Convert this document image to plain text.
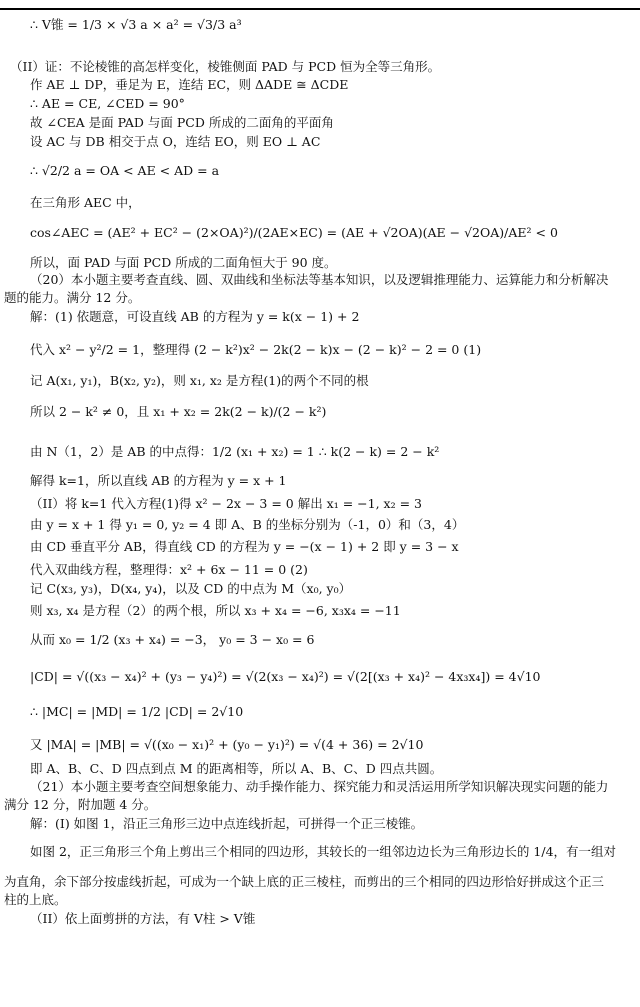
∴ V锥 = 1/3 × √3 a × a² = √3/3 a³
（II）证：不论棱锥的高怎样变化，棱锥侧面 PAD 与 PCD 恒为全等三角形。
作 AE ⊥ DP，垂足为 E，连结 EC，则 ΔADE ≅ ΔCDE
∴ AE = CE, ∠CED = 90°
故 ∠CEA 是面 PAD 与面 PCD 所成的二面角的平面角
设 AC 与 DB 相交于点 O，连结 EO，则 EO ⊥ AC
∴ √2/2 a = OA < AE < AD = a
在三角形 AEC 中，
cos∠AEC = (AE² + EC² − (2×OA)²)/(2AE×EC) = (AE + √2OA)(AE − √2OA)/AE² < 0
所以，面 PAD 与面 PCD 所成的二面角恒大于 90 度。
（20）本小题主要考查直线、圆、双曲线和坐标法等基本知识，以及逻辑推理能力、运算能力和分析解决
题的能力。满分 12 分。
解：(1) 依题意，可设直线 AB 的方程为 y = k(x − 1) + 2
代入 x² − y²/2 = 1，整理得 (2 − k²)x² − 2k(2 − k)x − (2 − k)² − 2 = 0 (1)
记 A(x₁, y₁)，B(x₂, y₂)，则 x₁, x₂ 是方程(1)的两个不同的根
所以 2 − k² ≠ 0，且 x₁ + x₂ = 2k(2 − k)/(2 − k²)
由 N（1，2）是 AB 的中点得：1/2 (x₁ + x₂) = 1 ∴ k(2 − k) = 2 − k²
解得 k=1，所以直线 AB 的方程为 y = x + 1
（II）将 k=1 代入方程(1)得 x² − 2x − 3 = 0 解出 x₁ = −1, x₂ = 3
由 y = x + 1 得 y₁ = 0, y₂ = 4 即 A、B 的坐标分别为（-1，0）和（3，4）
由 CD 垂直平分 AB，得直线 CD 的方程为 y = −(x − 1) + 2 即 y = 3 − x
代入双曲线方程，整理得：x² + 6x − 11 = 0 (2)
记 C(x₃, y₃)，D(x₄, y₄)，以及 CD 的中点为 M（x₀, y₀）
则 x₃, x₄ 是方程（2）的两个根，所以 x₃ + x₄ = −6, x₃x₄ = −11
从而 x₀ = 1/2 (x₃ + x₄) = −3， y₀ = 3 − x₀ = 6
|CD| = √((x₃ − x₄)² + (y₃ − y₄)²) = √(2(x₃ − x₄)²) = √(2[(x₃ + x₄)² − 4x₃x₄]) = 4√10
∴ |MC| = |MD| = 1/2 |CD| = 2√10
又 |MA| = |MB| = √((x₀ − x₁)² + (y₀ − y₁)²) = √(4 + 36) = 2√10
即 A、B、C、D 四点到点 M 的距离相等，所以 A、B、C、D 四点共圆。
（21）本小题主要考查空间想象能力、动手操作能力、探究能力和灵活运用所学知识解决现实问题的能力
满分 12 分，附加题 4 分。
解：(I) 如图 1，沿正三角形三边中点连线折起，可拼得一个正三棱锥。
如图 2，正三角形三个角上剪出三个相同的四边形，其较长的一组邻边边长为三角形边长的 1/4，有一组对
为直角，余下部分按虚线折起，可成为一个缺上底的正三棱柱，而剪出的三个相同的四边形恰好拼成这个正三
柱的上底。
（II）依上面剪拼的方法，有 V柱 > V锥
